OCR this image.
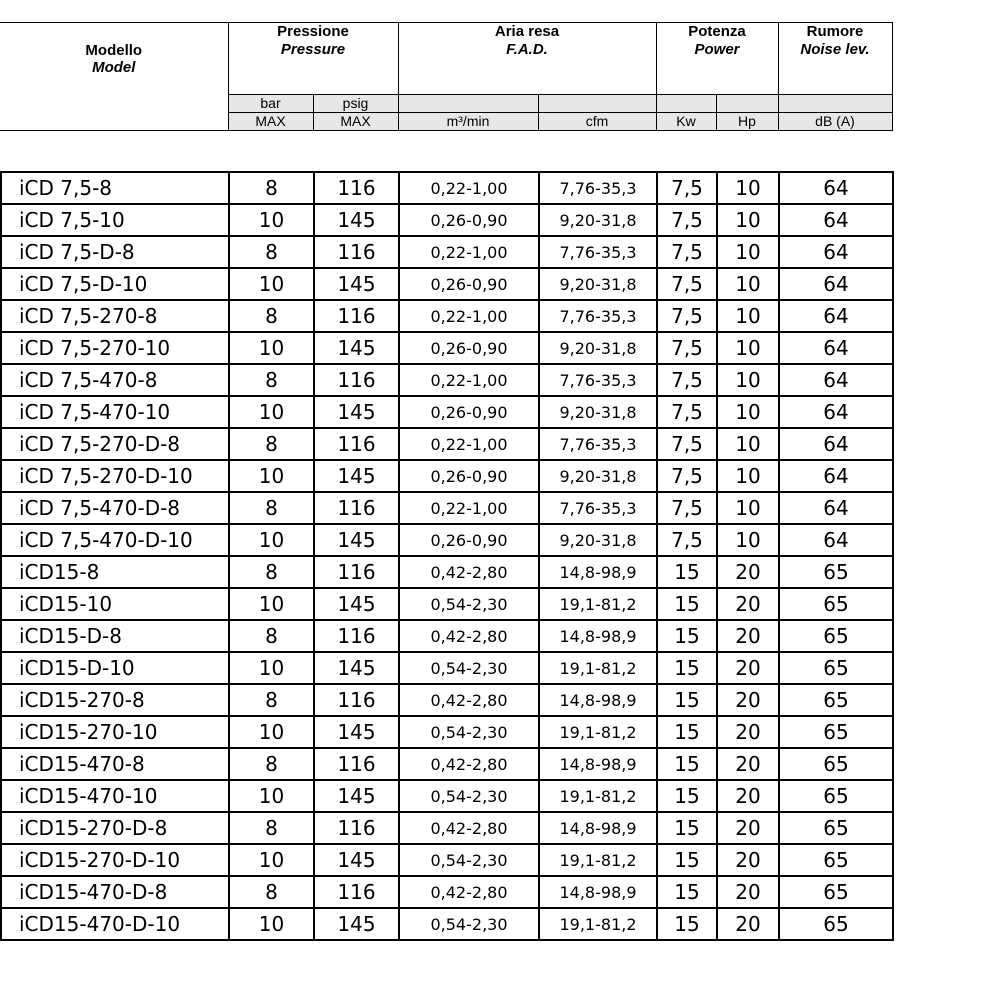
Modello
Model	Pressione		Aria resa		Potenza		Rumore
	Pressure		F.A.D.		Power		Noise lev.
	bar	psig					
	MAX	MAX	m³/min	cfm	Kw	Hp	dB (A)

iCD 7,5-8	8	116	0,22-1,00	7,76-35,3	7,5	10	64
iCD 7,5-10	10	145	0,26-0,90	9,20-31,8	7,5	10	64
iCD 7,5-D-8	8	116	0,22-1,00	7,76-35,3	7,5	10	64
iCD 7,5-D-10	10	145	0,26-0,90	9,20-31,8	7,5	10	64
iCD 7,5-270-8	8	116	0,22-1,00	7,76-35,3	7,5	10	64
iCD 7,5-270-10	10	145	0,26-0,90	9,20-31,8	7,5	10	64
iCD 7,5-470-8	8	116	0,22-1,00	7,76-35,3	7,5	10	64
iCD 7,5-470-10	10	145	0,26-0,90	9,20-31,8	7,5	10	64
iCD 7,5-270-D-8	8	116	0,22-1,00	7,76-35,3	7,5	10	64
iCD 7,5-270-D-10	10	145	0,26-0,90	9,20-31,8	7,5	10	64
iCD 7,5-470-D-8	8	116	0,22-1,00	7,76-35,3	7,5	10	64
iCD 7,5-470-D-10	10	145	0,26-0,90	9,20-31,8	7,5	10	64
iCD15-8	8	116	0,42-2,80	14,8-98,9	15	20	65
iCD15-10	10	145	0,54-2,30	19,1-81,2	15	20	65
iCD15-D-8	8	116	0,42-2,80	14,8-98,9	15	20	65
iCD15-D-10	10	145	0,54-2,30	19,1-81,2	15	20	65
iCD15-270-8	8	116	0,42-2,80	14,8-98,9	15	20	65
iCD15-270-10	10	145	0,54-2,30	19,1-81,2	15	20	65
iCD15-470-8	8	116	0,42-2,80	14,8-98,9	15	20	65
iCD15-470-10	10	145	0,54-2,30	19,1-81,2	15	20	65
iCD15-270-D-8	8	116	0,42-2,80	14,8-98,9	15	20	65
iCD15-270-D-10	10	145	0,54-2,30	19,1-81,2	15	20	65
iCD15-470-D-8	8	116	0,42-2,80	14,8-98,9	15	20	65
iCD15-470-D-10	10	145	0,54-2,30	19,1-81,2	15	20	65
